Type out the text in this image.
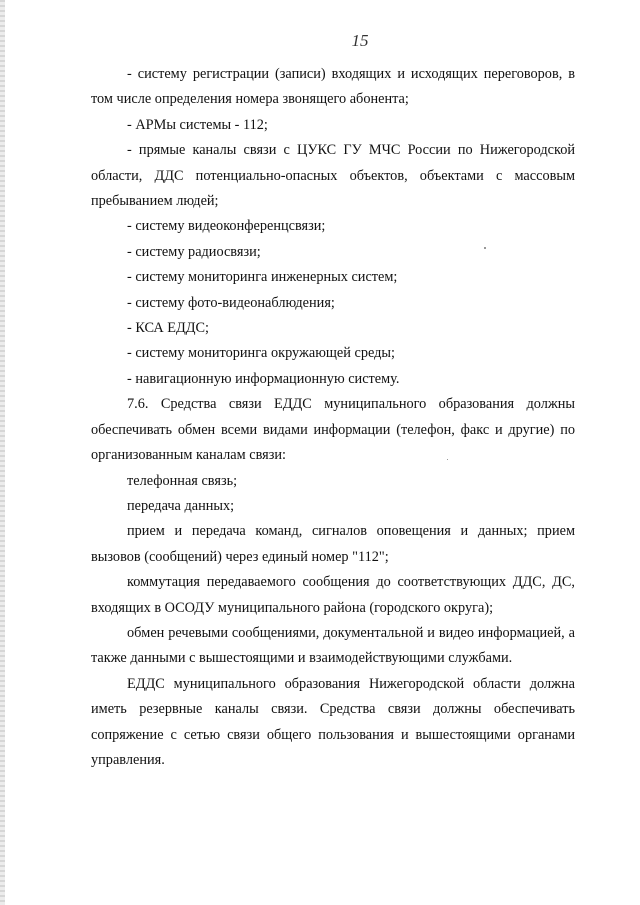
15

- систему регистрации (записи) входящих и исходящих переговоров, в том числе определения номера звонящего абонента;

- АРМы системы - 112;

- прямые каналы связи с ЦУКС ГУ МЧС России по Нижегородской области, ДДС потенциально-опасных объектов, объектами с массовым пребыванием людей;

- систему видеоконференцсвязи;

- систему радиосвязи;

- систему мониторинга инженерных систем;

- систему фото-видеонаблюдения;

- КСА ЕДДС;

- систему мониторинга окружающей среды;

- навигационную информационную систему.

7.6. Средства связи ЕДДС муниципального образования должны обеспечивать обмен всеми видами информации (телефон, факс и другие) по организованным каналам связи:

телефонная связь;

передача данных;

прием и передача команд, сигналов оповещения и данных; прием вызовов (сообщений) через единый номер "112";

коммутация передаваемого сообщения до соответствующих ДДС, ДС, входящих в ОСОДУ муниципального района (городского округа);

обмен речевыми сообщениями, документальной и видео информацией, а также данными с вышестоящими и взаимодействующими службами.

ЕДДС муниципального образования Нижегородской области должна иметь резервные каналы связи. Средства связи должны обеспечивать сопряжение с сетью связи общего пользования и вышестоящими органами управления.
